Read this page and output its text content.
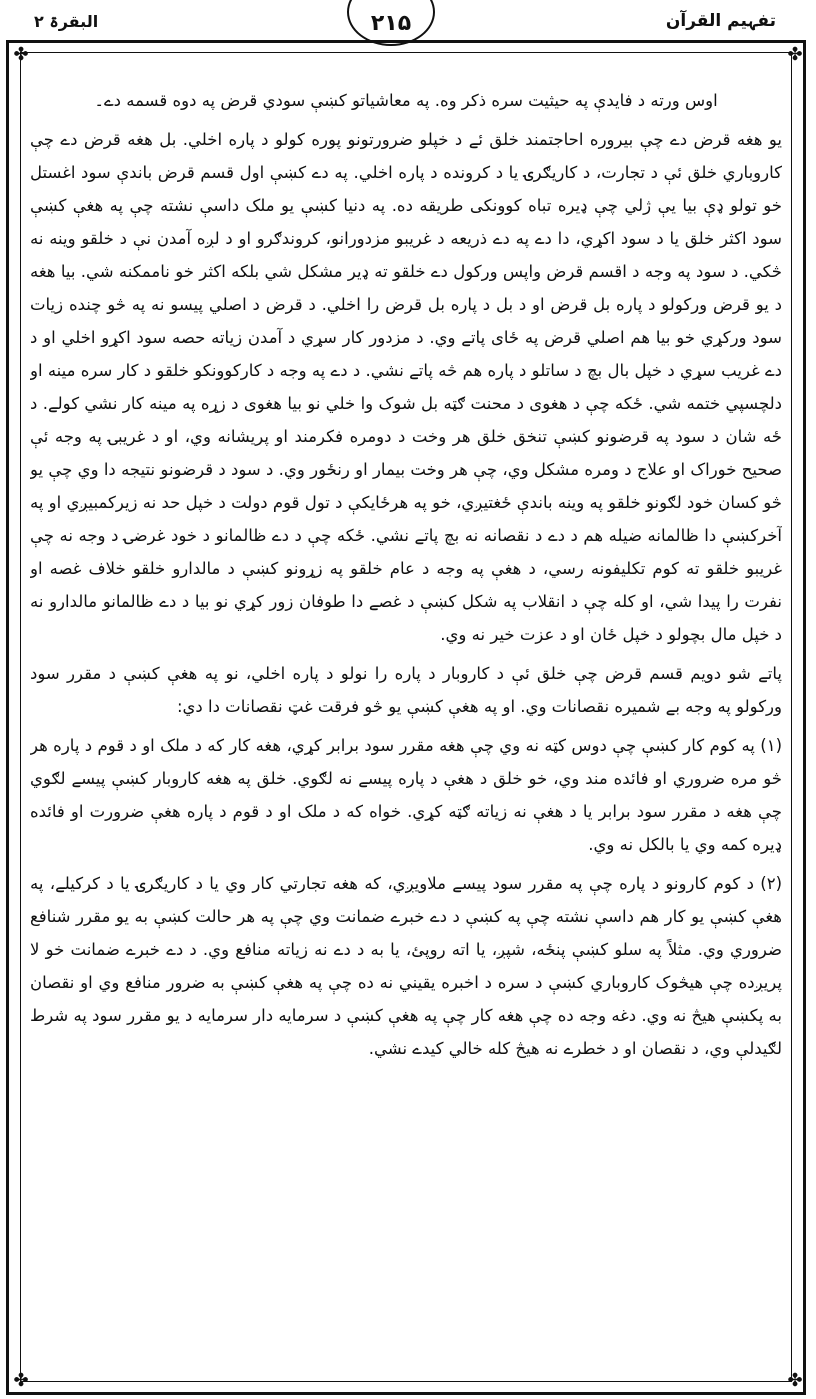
تفہیم القرآن
۲۱۵
البقرۃ ۲
✤	✤
✤	✤

اوس ورته د فایدې په حیثیت سره ذکر وه. په معاشیاتو کښې سودي قرض په دوه قسمه دے۔

یو هغه قرض دے چې بیروره احاجتمند خلق ئے د خپلو ضرورتونو پوره کولو د پاره اخلي. بل هغه قرض دے چې کاروباري خلق ئې د تجارت، د کاریګرۍ یا د کرونده د پاره اخلي. په دے کښې اول قسم قرض باندې سود اغستل خو تولو ډې بیا یې ژلي چې ډیره تباه کوونکی طریقه ده. په دنیا کښې یو ملک داسې نشته چې په هغې کښې سود اکثر خلق یا د سود اکړي، دا دے په دے ذریعه د غریبو مزدورانو، کروندګرو او د لږه آمدن نې د خلقو وینه نه څکي. د سود په وجه د اقسم قرض واپس ورکول دے خلقو ته ډیر مشکل شي بلکه اکثر خو ناممکنه شي. بیا هغه د یو قرض ورکولو د پاره بل قرض او د بل د پاره بل قرض را اخلي. د قرض د اصلي پیسو نه په څو چنده زیات سود ورکړي خو بیا هم اصلي قرض په ځای پاتے وي. د مزدور کار سړي د آمدن زیاته حصه سود اکړو اخلي او د دے غریب سړي د خپل بال بچ د ساتلو د پاره هم څه پاتے نشي. د دے په وجه د کارکوونکو خلقو د کار سره مینه او دلچسپي ختمه شي. ځکه چې د هغوی د محنت ګټه بل شوک وا خلي نو بیا هغوی د زړه په مینه کار نشي کولے. د ځه شان د سود په قرضونو کښې تنخق خلق هر وخت د دومره فکرمند او پریشانه وي، او د غریبۍ په وجه ئې صحیح خوراک او علاج د ومره مشکل وي، چې هر وخت بیمار او رنځور وي. د سود د قرضونو نتیجه دا وي چې یو څو کسان خود لګونو خلقو په وینه باندې ځغتیږي، خو په هرځایکې د تول قوم دولت د خپل حد نه زیرکمبیږي او په آخرکښې دا ظالمانه ضیله هم د دے د نقصانه نه بچ پاتے نشي. ځکه چې د دے ظالمانو د خود غرضۍ د وجه نه چې غریبو خلقو ته کوم تکلیفونه رسي، د هغې په وجه د عام خلقو په زړونو کښې د مالدارو خلقو خلاف غصه او نفرت را پیدا شي، او کله چې د انقلاب په شکل کښې د غصے دا طوفان زور کړي نو بیا د دے ظالمانو مالدارو نه د خپل مال بچولو د خپل ځان او د عزت خیر نه وي.

پاتے شو دویم قسم قرض چې خلق ئې د کاروبار د پاره را نولو د پاره اخلي، نو په هغې کښې د مقرر سود ورکولو په وجه بے شمیره نقصانات وي. او په هغې کښې یو څو فرقت غټ نقصانات دا دي:

(۱) په کوم کار کښې چې دوس کټه نه وي چې هغه مقرر سود برابر کړي، هغه کار که د ملک او د قوم د پاره هر څو مره ضروري او فائده مند وي، خو خلق د هغې د پاره پیسے نه لګوي. خلق په هغه کاروبار کښې پیسے لګوي چې هغه د مقرر سود برابر یا د هغې نه زیاته ګټه کړي. خواه که د ملک او د قوم د پاره هغې ضرورت او فائده ډیره کمه وي یا بالکل نه وي.

(۲) د کوم کارونو د پاره چې په مقرر سود پیسے ملاویږي، که هغه تجارتي کار وي یا د کاریګرۍ یا د کرکیلے، په هغې کښې یو کار هم داسې نشته چې په کښې د دے خبرے ضمانت وي چې په هر حالت کښې به یو مقرر شنافع ضروري وي. مثلاً په سلو کښې پنځه، شپږ، یا اته روپئ، یا به د دے نه زیاته منافع وي. د دے خبرے ضمانت خو لا پریږده چې هیڅوک کاروباري کښې د سره د اخبره یقیني نه ده چې په هغې کښې به ضرور منافع وي او نقصان به پکښې هیڅ نه وي. دغه وجه ده چې هغه کار چې په هغې کښې د سرمایه دار سرمایه د یو مقرر سود په شرط لګیدلې وي، د نقصان او د خطرے نه هیڅ کله خالي کیدے نشي.
